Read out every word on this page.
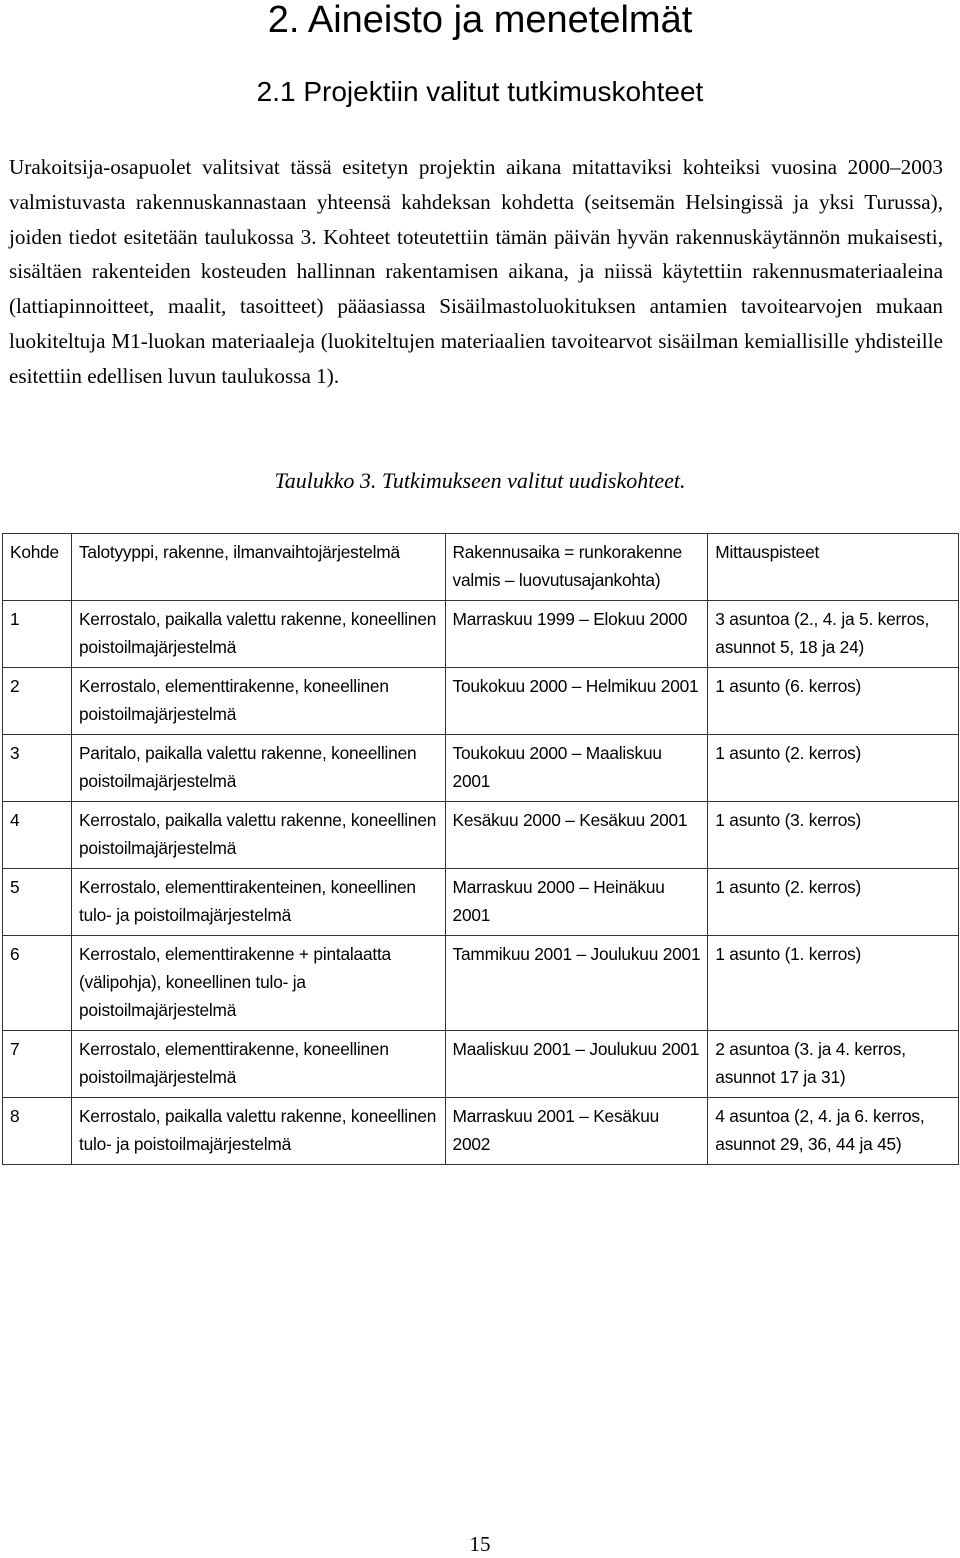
2. Aineisto ja menetelmät
2.1 Projektiin valitut tutkimuskohteet

Urakoitsija-osapuolet valitsivat tässä esitetyn projektin aikana mitattaviksi kohteiksi vuosina 2000–2003 valmistuvasta rakennuskannastaan yhteensä kahdeksan kohdetta (seitsemän Helsingissä ja yksi Turussa), joiden tiedot esitetään taulukossa 3. Kohteet toteutettiin tämän päivän hyvän rakennuskäytännön mukaisesti, sisältäen rakenteiden kosteuden hallinnan rakentamisen aikana, ja niissä käytettiin rakennusmateriaaleina (lattiapinnoitteet, maalit, tasoitteet) pääasiassa Sisäilmastoluokituksen antamien tavoitearvojen mukaan luokiteltuja M1-luokan materiaaleja (luokiteltujen materiaalien tavoitearvot sisäilman kemiallisille yhdisteille esitettiin edellisen luvun taulukossa 1).

Taulukko 3. Tutkimukseen valitut uudiskohteet.

Kohde	Talotyyppi, rakenne, ilmanvaihtojärjestelmä	Rakennusaika = runkorakenne valmis – luovutusajankohta)	Mittauspisteet
1	Kerrostalo, paikalla valettu rakenne, koneellinen poistoilmajärjestelmä	Marraskuu 1999 – Elokuu 2000	3 asuntoa (2., 4. ja 5. kerros, asunnot 5, 18 ja 24)
2	Kerrostalo, elementtirakenne, koneellinen poistoilmajärjestelmä	Toukokuu 2000 – Helmikuu 2001	1 asunto (6. kerros)
3	Paritalo, paikalla valettu rakenne, koneellinen poistoilmajärjestelmä	Toukokuu 2000 – Maaliskuu 2001	1 asunto (2. kerros)
4	Kerrostalo, paikalla valettu rakenne, koneellinen poistoilmajärjestelmä	Kesäkuu 2000 – Kesäkuu 2001	1 asunto (3. kerros)
5	Kerrostalo, elementtirakenteinen, koneellinen tulo- ja poistoilmajärjestelmä	Marraskuu 2000 – Heinäkuu 2001	1 asunto (2. kerros)
6	Kerrostalo, elementtirakenne + pintalaatta (välipohja), koneellinen tulo- ja poistoilmajärjestelmä	Tammikuu 2001 – Joulukuu 2001	1 asunto (1. kerros)
7	Kerrostalo, elementtirakenne, koneellinen poistoilmajärjestelmä	Maaliskuu 2001 – Joulukuu 2001	2 asuntoa (3. ja 4. kerros, asunnot 17 ja 31)
8	Kerrostalo, paikalla valettu rakenne, koneellinen tulo- ja poistoilmajärjestelmä	Marraskuu 2001 – Kesäkuu 2002	4 asuntoa (2, 4. ja 6. kerros, asunnot 29, 36, 44 ja 45)
15
